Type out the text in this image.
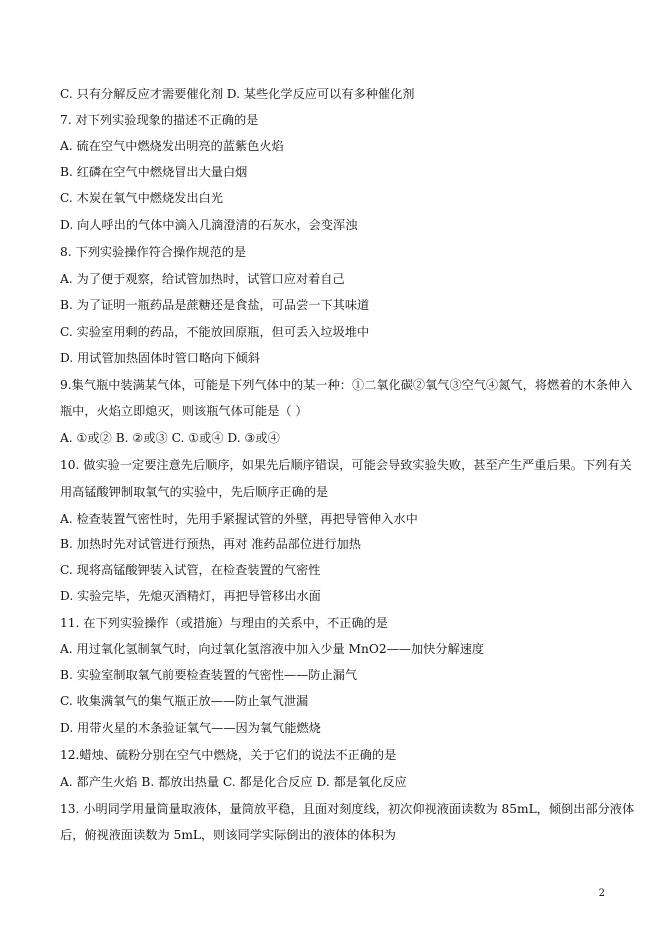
C. 只有分解反应才需要催化剂 D. 某些化学反应可以有多种催化剂
7. 对下列实验现象的描述不正确的是
A. 硫在空气中燃烧发出明亮的蓝紫色火焰
B. 红磷在空气中燃烧冒出大量白烟
C. 木炭在氧气中燃烧发出白光
D. 向人呼出的气体中滴入几滴澄清的石灰水，会变浑浊
8. 下列实验操作符合操作规范的是
A. 为了便于观察，给试管加热时，试管口应对着自己
B. 为了证明一瓶药品是蔗糖还是食盐，可品尝一下其味道
C. 实验室用剩的药品，不能放回原瓶，但可丢入垃圾堆中
D. 用试管加热固体时管口略向下倾斜
9.集气瓶中装满某气体，可能是下列气体中的某一种：①二氧化碳②氧气③空气④氮气，将燃着的木条伸入
瓶中，火焰立即熄灭，则该瓶气体可能是（ ）
A. ①或② B. ②或③ C. ①或④ D. ③或④
10. 做实验一定要注意先后顺序，如果先后顺序错误，可能会导致实验失败，甚至产生严重后果。下列有关
用高锰酸钾制取氧气的实验中，先后顺序正确的是
A. 检查装置气密性时，先用手紧握试管的外壁，再把导管伸入水中
B. 加热时先对试管进行预热，再对 准药品部位进行加热
C. 现将高锰酸钾装入试管，在检查装置的气密性
D. 实验完毕，先熄灭酒精灯，再把导管移出水面
11. 在下列实验操作（或措施）与理由的关系中，不正确的是
A. 用过氧化氢制氧气时，向过氧化氢溶液中加入少量 MnO2——加快分解速度
B. 实验室制取氧气前要检查装置的气密性——防止漏气
C. 收集满氧气的集气瓶正放——防止氧气泄漏
D. 用带火星的木条验证氧气——因为氧气能燃烧
12.蜡烛、硫粉分别在空气中燃烧，关于它们的说法不正确的是
A. 都产生火焰 B. 都放出热量 C. 都是化合反应 D. 都是氧化反应
13. 小明同学用量筒量取液体，量筒放平稳，且面对刻度线，初次仰视液面读数为 85mL，倾倒出部分液体
后，俯视液面读数为 5mL，则该同学实际倒出的液体的体积为
2
